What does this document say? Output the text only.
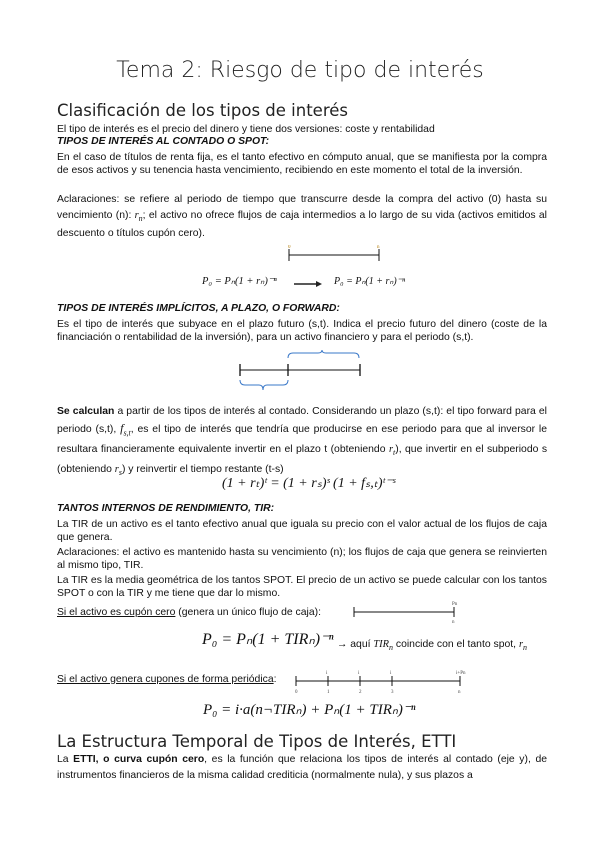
Tema 2: Riesgo de tipo de interés
Clasificación de los tipos de interés
El tipo de interés es el precio del dinero y tiene dos versiones: coste y rentabilidad
TIPOS DE INTERÉS AL CONTADO O SPOT:
En el caso de títulos de renta fija, es el tanto efectivo en cómputo anual, que se manifiesta por la compra de esos activos y su tenencia hasta vencimiento, recibiendo en este momento el total de la inversión.
Aclaraciones: se refiere al periodo de tiempo que transcurre desde la compra del activo (0) hasta su vencimiento (n): $r_n$; el activo no ofrece flujos de caja intermedios a lo largo de su vida (activos emitidos al descuento o títulos cupón cero).
0	n
P₀ = Pₙ(1 + rₙ)⁻ⁿ	P₀ = Pₙ(1 + rₙ)⁻ⁿ
TIPOS DE INTERÉS IMPLÍCITOS, A PLAZO, O FORWARD:
Es el tipo de interés que subyace en el plazo futuro (s,t). Indica el precio futuro del dinero (coste de la financiación o rentabilidad de la inversión), para un activo financiero y para el periodo (s,t).
Se calculan a partir de los tipos de interés al contado. Considerando un plazo (s,t): el tipo forward para el periodo (s,t), $f_{s,t}$, es el tipo de interés que tendría que producirse en ese periodo para que al inversor le resultara financieramente equivalente invertir en el plazo t (obteniendo $r_t$), que invertir en el subperiodo s (obteniendo $r_s$) y reinvertir el tiempo restante (t-s)
(1 + rₜ)ᵗ = (1 + rₛ)ˢ (1 + fₛ,ₜ)ᵗ⁻ˢ
TANTOS INTERNOS DE RENDIMIENTO, TIR:
La TIR de un activo es el tanto efectivo anual que iguala su precio con el valor actual de los flujos de caja que genera.
Aclaraciones: el activo es mantenido hasta su vencimiento (n); los flujos de caja que genera se reinvierten al mismo tipo, TIR.
La TIR es la media geométrica de los tantos SPOT. El precio de un activo se puede calcular con los tantos SPOT o con la TIR y me tiene que dar lo mismo.
Si el activo es cupón cero (genera un único flujo de caja):
Pn
n
P₀ = Pₙ(1 + TIRₙ)⁻ⁿ → aquí $TIR_n$ coincide con el tanto spot, $r_n$
Si el activo genera cupones de forma periódica:
i	i	i	i+Pn
0	1	2	3	n
P₀ = i·a(n¬TIRₙ) + Pₙ(1 + TIRₙ)⁻ⁿ
La Estructura Temporal de Tipos de Interés, ETTI
La ETTI, o curva cupón cero, es la función que relaciona los tipos de interés al contado (eje y), de instrumentos financieros de la misma calidad crediticia (normalmente nula), y sus plazos a
